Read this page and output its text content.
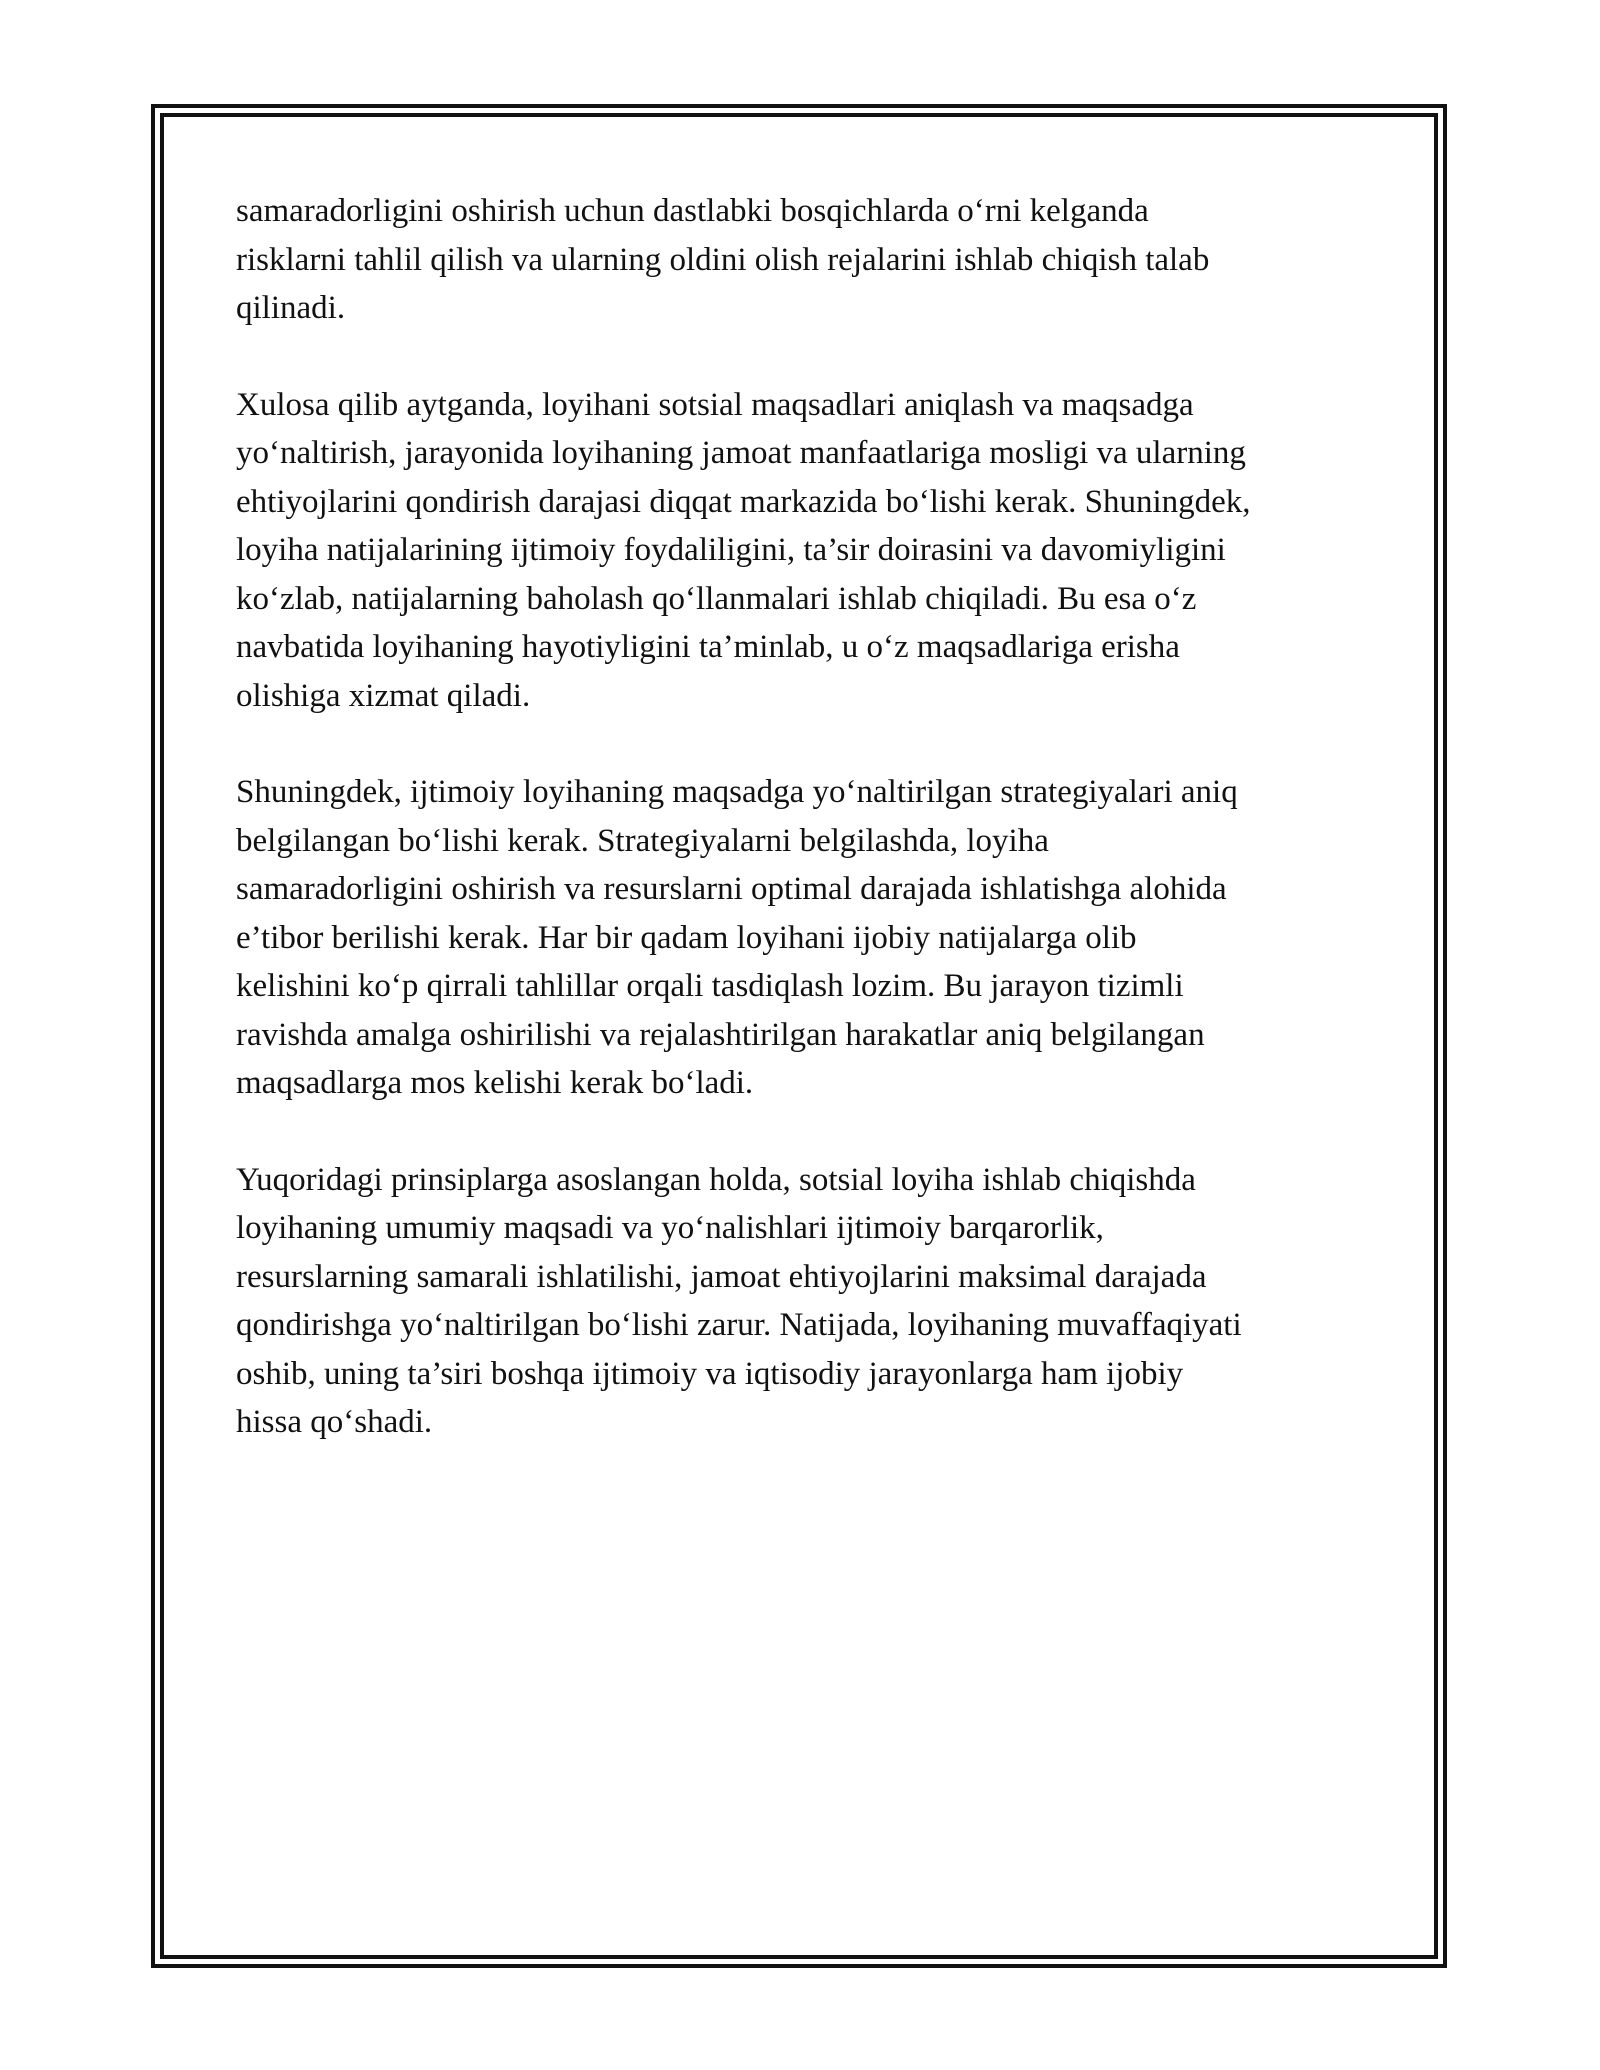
samaradorligini oshirish uchun dastlabki bosqichlarda o‘rni kelganda
risklarni tahlil qilish va ularning oldini olish rejalarini ishlab chiqish talab
qilinadi.

Xulosa qilib aytganda, loyihani sotsial maqsadlari aniqlash va maqsadga
yo‘naltirish, jarayonida loyihaning jamoat manfaatlariga mosligi va ularning
ehtiyojlarini qondirish darajasi diqqat markazida bo‘lishi kerak. Shuningdek,
loyiha natijalarining ijtimoiy foydaliligini, ta’sir doirasini va davomiyligini
ko‘zlab, natijalarning baholash qo‘llanmalari ishlab chiqiladi. Bu esa o‘z
navbatida loyihaning hayotiyligini ta’minlab, u o‘z maqsadlariga erisha
olishiga xizmat qiladi.

Shuningdek, ijtimoiy loyihaning maqsadga yo‘naltirilgan strategiyalari aniq
belgilangan bo‘lishi kerak. Strategiyalarni belgilashda, loyiha
samaradorligini oshirish va resurslarni optimal darajada ishlatishga alohida
e’tibor berilishi kerak. Har bir qadam loyihani ijobiy natijalarga olib
kelishini ko‘p qirrali tahlillar orqali tasdiqlash lozim. Bu jarayon tizimli
ravishda amalga oshirilishi va rejalashtirilgan harakatlar aniq belgilangan
maqsadlarga mos kelishi kerak bo‘ladi.

Yuqoridagi prinsiplarga asoslangan holda, sotsial loyiha ishlab chiqishda
loyihaning umumiy maqsadi va yo‘nalishlari ijtimoiy barqarorlik,
resurslarning samarali ishlatilishi, jamoat ehtiyojlarini maksimal darajada
qondirishga yo‘naltirilgan bo‘lishi zarur. Natijada, loyihaning muvaffaqiyati
oshib, uning ta’siri boshqa ijtimoiy va iqtisodiy jarayonlarga ham ijobiy
hissa qo‘shadi.
